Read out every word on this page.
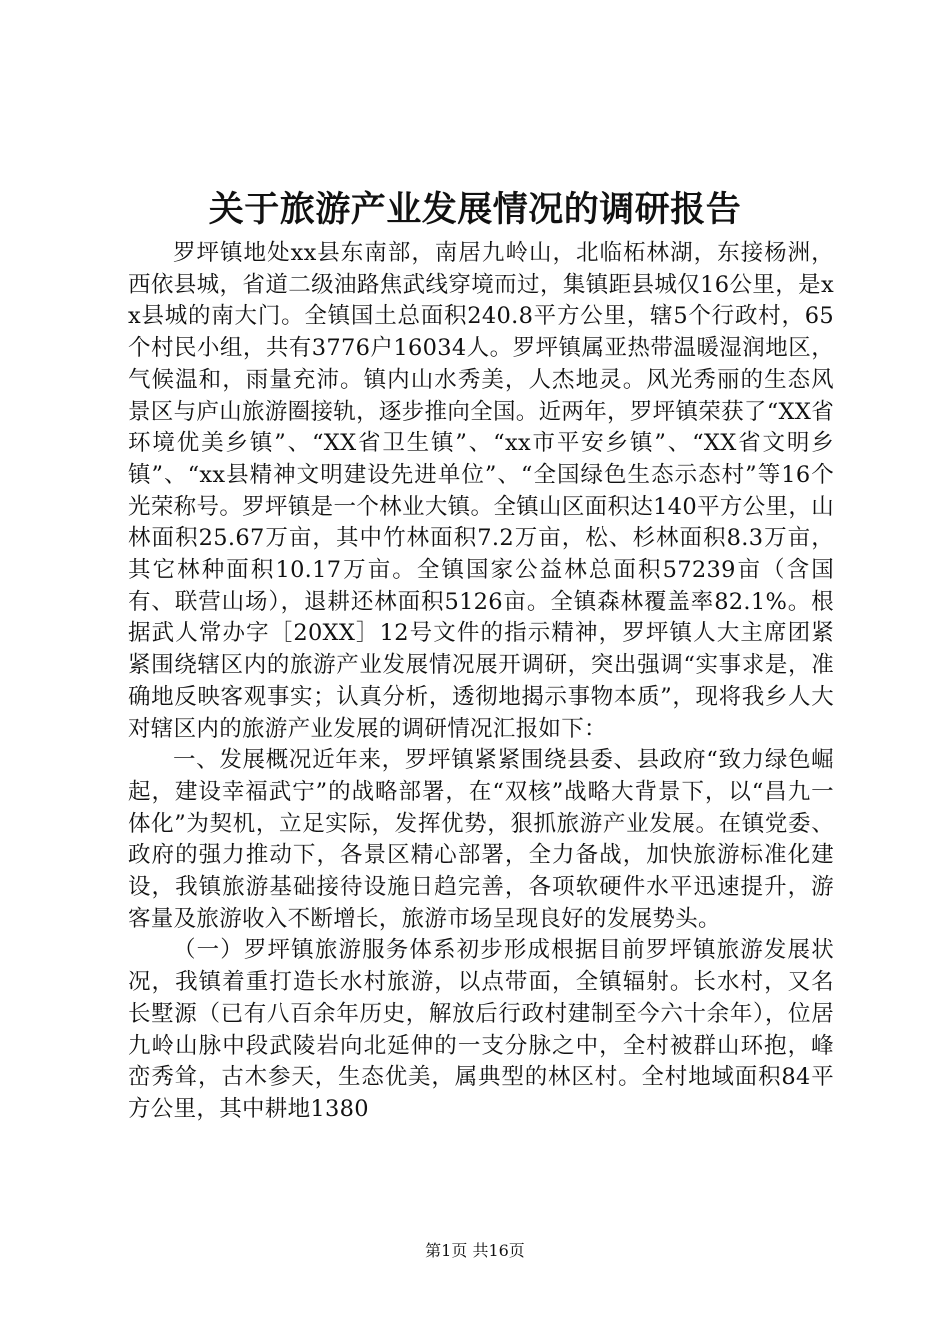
关于旅游产业发展情况的调研报告

罗坪镇地处xx县东南部，南居九岭山，北临柘林湖，东接杨洲，西依县城，省道二级油路焦武线穿境而过，集镇距县城仅16公里，是xx县城的南大门。全镇国土总面积240.8平方公里，辖5个行政村，65个村民小组，共有3776户16034人。罗坪镇属亚热带温暖湿润地区，气候温和，雨量充沛。镇内山水秀美，人杰地灵。风光秀丽的生态风景区与庐山旅游圈接轨，逐步推向全国。近两年，罗坪镇荣获了“XX省环境优美乡镇”、“XX省卫生镇”、“xx市平安乡镇”、“XX省文明乡镇”、“xx县精神文明建设先进单位”、“全国绿色生态示态村”等16个光荣称号。罗坪镇是一个林业大镇。全镇山区面积达140平方公里，山林面积25.67万亩，其中竹林面积7.2万亩，松、杉林面积8.3万亩，其它林种面积10.17万亩。全镇国家公益林总面积57239亩（含国有、联营山场），退耕还林面积5126亩。全镇森林覆盖率82.1%。根据武人常办字［20XX］12号文件的指示精神，罗坪镇人大主席团紧紧围绕辖区内的旅游产业发展情况展开调研，突出强调“实事求是，准确地反映客观事实；认真分析，透彻地揭示事物本质”，现将我乡人大对辖区内的旅游产业发展的调研情况汇报如下：

一、发展概况近年来，罗坪镇紧紧围绕县委、县政府“致力绿色崛起，建设幸福武宁”的战略部署，在“双核”战略大背景下，以“昌九一体化”为契机，立足实际，发挥优势，狠抓旅游产业发展。在镇党委、政府的强力推动下，各景区精心部署，全力备战，加快旅游标准化建设，我镇旅游基础接待设施日趋完善，各项软硬件水平迅速提升，游客量及旅游收入不断增长，旅游市场呈现良好的发展势头。

（一）罗坪镇旅游服务体系初步形成根据目前罗坪镇旅游发展状况，我镇着重打造长水村旅游，以点带面，全镇辐射。长水村，又名长墅源（已有八百余年历史，解放后行政村建制至今六十余年），位居九岭山脉中段武陵岩向北延伸的一支分脉之中，全村被群山环抱，峰峦秀耸，古木参天，生态优美，属典型的林区村。全村地域面积84平方公里，其中耕地1380

第1页 共16页
